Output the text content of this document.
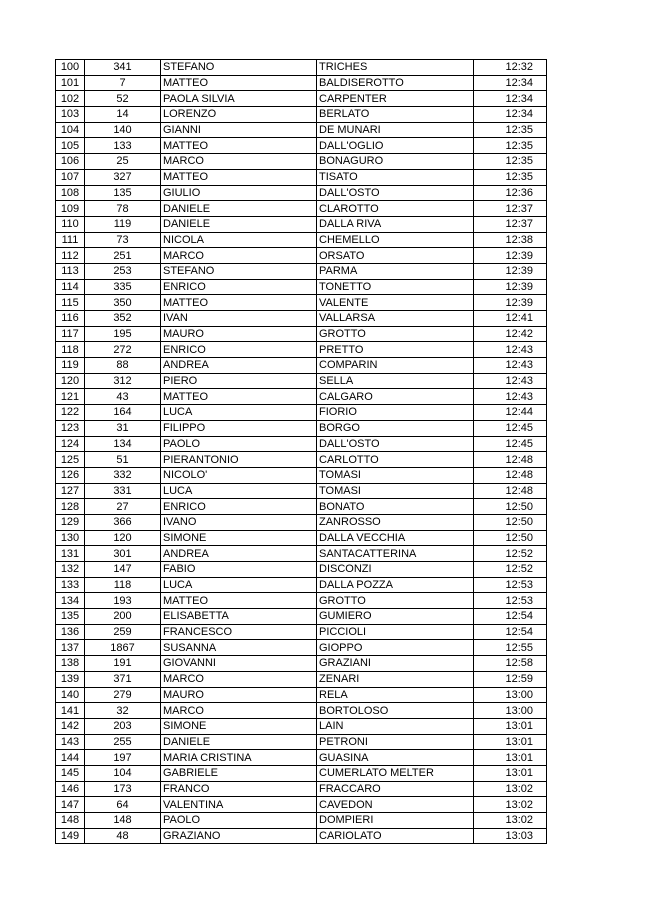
100	341	STEFANO	TRICHES	12:32
101	7	MATTEO	BALDISEROTTO	12:34
102	52	PAOLA SILVIA	CARPENTER	12:34
103	14	LORENZO	BERLATO	12:34
104	140	GIANNI	DE MUNARI	12:35
105	133	MATTEO	DALL'OGLIO	12:35
106	25	MARCO	BONAGURO	12:35
107	327	MATTEO	TISATO	12:35
108	135	GIULIO	DALL'OSTO	12:36
109	78	DANIELE	CLAROTTO	12:37
110	119	DANIELE	DALLA RIVA	12:37
111	73	NICOLA	CHEMELLO	12:38
112	251	MARCO	ORSATO	12:39
113	253	STEFANO	PARMA	12:39
114	335	ENRICO	TONETTO	12:39
115	350	MATTEO	VALENTE	12:39
116	352	IVAN	VALLARSA	12:41
117	195	MAURO	GROTTO	12:42
118	272	ENRICO	PRETTO	12:43
119	88	ANDREA	COMPARIN	12:43
120	312	PIERO	SELLA	12:43
121	43	MATTEO	CALGARO	12:43
122	164	LUCA	FIORIO	12:44
123	31	FILIPPO	BORGO	12:45
124	134	PAOLO	DALL'OSTO	12:45
125	51	PIERANTONIO	CARLOTTO	12:48
126	332	NICOLO'	TOMASI	12:48
127	331	LUCA	TOMASI	12:48
128	27	ENRICO	BONATO	12:50
129	366	IVANO	ZANROSSO	12:50
130	120	SIMONE	DALLA VECCHIA	12:50
131	301	ANDREA	SANTACATTERINA	12:52
132	147	FABIO	DISCONZI	12:52
133	118	LUCA	DALLA POZZA	12:53
134	193	MATTEO	GROTTO	12:53
135	200	ELISABETTA	GUMIERO	12:54
136	259	FRANCESCO	PICCIOLI	12:54
137	1867	SUSANNA	GIOPPO	12:55
138	191	GIOVANNI	GRAZIANI	12:58
139	371	MARCO	ZENARI	12:59
140	279	MAURO	RELA	13:00
141	32	MARCO	BORTOLOSO	13:00
142	203	SIMONE	LAIN	13:01
143	255	DANIELE	PETRONI	13:01
144	197	MARIA CRISTINA	GUASINA	13:01
145	104	GABRIELE	CUMERLATO MELTER	13:01
146	173	FRANCO	FRACCARO	13:02
147	64	VALENTINA	CAVEDON	13:02
148	148	PAOLO	DOMPIERI	13:02
149	48	GRAZIANO	CARIOLATO	13:03
